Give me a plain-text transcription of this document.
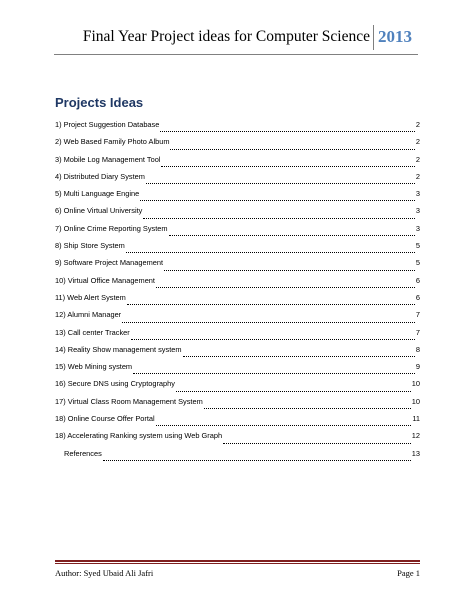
Final Year Project ideas for Computer Science 2013
Projects Ideas
1) Project Suggestion Database	2
2) Web Based Family Photo Album	2
3) Mobile Log Management Tool	2
4) Distributed Diary System	2
5) Multi Language Engine	3
6) Online Virtual University	3
7) Online Crime Reporting System	3
8) Ship Store System	5
9) Software Project Management	5
10) Virtual Office Management	6
11) Web Alert System	6
12) Alumni Manager	7
13) Call center Tracker	7
14) Reality Show management system	8
15) Web Mining system	9
16) Secure DNS using Cryptography	10
17) Virtual Class Room Management System	10
18) Online Course Offer Portal	11
18) Accelerating Ranking system using Web Graph	12
References	13
Author: Syed Ubaid Ali Jafri	Page 1
